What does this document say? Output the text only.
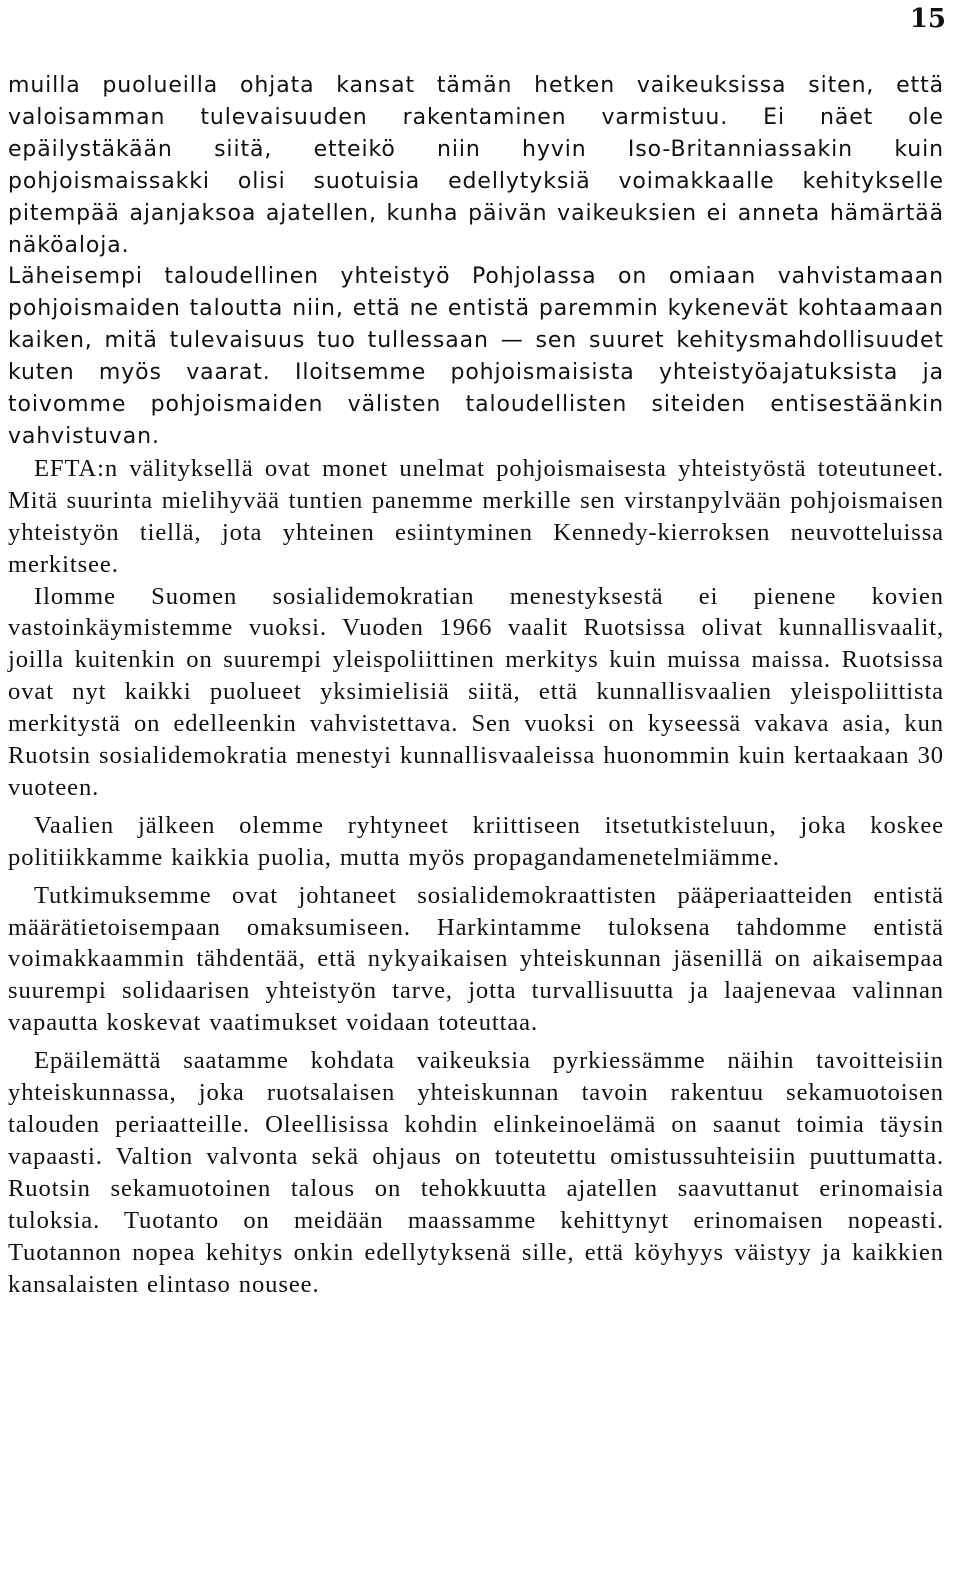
15

muilla puolueilla ohjata kansat tämän hetken vaikeuksissa siten, että valoisamman tulevaisuuden rakentaminen varmistuu. Ei näet ole epäilystäkään siitä, etteikö niin hyvin Iso-Britanniassakin kuin pohjoismaissakki olisi suotuisia edellytyksiä voimakkaalle kehitykselle pitempää ajanjaksoa ajatellen, kunha päivän vaikeuksien ei anneta hämärtää näköaloja.

Läheisempi taloudellinen yhteistyö Pohjolassa on omiaan vahvistamaan pohjoismaiden taloutta niin, että ne entistä paremmin kykenevät kohtaamaan kaiken, mitä tulevaisuus tuo tullessaan — sen suuret kehitysmahdollisuudet kuten myös vaarat. Iloitsemme pohjoismaisista yhteistyöajatuksista ja toivomme pohjoismaiden välisten taloudellisten siteiden entisestäänkin vahvistuvan.

EFTA:n välityksellä ovat monet unelmat pohjoismaisesta yhteistyöstä toteutuneet. Mitä suurinta mielihyvää tuntien panemme merkille sen virstanpylvään pohjoismaisen yhteistyön tiellä, jota yhteinen esiintyminen Kennedy-kierroksen neuvotteluissa merkitsee.

Ilomme Suomen sosialidemokratian menestyksestä ei pienene kovien vastoinkäymistemme vuoksi. Vuoden 1966 vaalit Ruotsissa olivat kunnallisvaalit, joilla kuitenkin on suurempi yleispoliittinen merkitys kuin muissa maissa. Ruotsissa ovat nyt kaikki puolueet yksimielisiä siitä, että kunnallisvaalien yleispoliittista merkitystä on edelleenkin vahvistettava. Sen vuoksi on kyseessä vakava asia, kun Ruotsin sosialidemokratia menestyi kunnallisvaaleissa huonommin kuin kertaakaan 30 vuoteen.

Vaalien jälkeen olemme ryhtyneet kriittiseen itsetutkisteluun, joka koskee politiikkamme kaikkia puolia, mutta myös propagandamenetelmiämme.

Tutkimuksemme ovat johtaneet sosialidemokraattisten pääperiaatteiden entistä määrätietoisempaan omaksumiseen. Harkintamme tuloksena tahdomme entistä voimakkaammin tähdentää, että nykyaikaisen yhteiskunnan jäsenillä on aikaisempaa suurempi solidaarisen yhteistyön tarve, jotta turvallisuutta ja laajenevaa valinnan vapautta koskevat vaatimukset voidaan toteuttaa.

Epäilemättä saatamme kohdata vaikeuksia pyrkiessämme näihin tavoitteisiin yhteiskunnassa, joka ruotsalaisen yhteiskunnan tavoin rakentuu sekamuotoisen talouden periaatteille. Oleellisissa kohdin elinkeinoelämä on saanut toimia täysin vapaasti. Valtion valvonta sekä ohjaus on toteutettu omistussuhteisiin puuttumatta. Ruotsin sekamuotoinen talous on tehokkuutta ajatellen saavuttanut erinomaisia tuloksia. Tuotanto on meidään maassamme kehittynyt erinomaisen nopeasti. Tuotannon nopea kehitys onkin edellytyksenä sille, että köyhyys väistyy ja kaikkien kansalaisten elintaso nousee.
